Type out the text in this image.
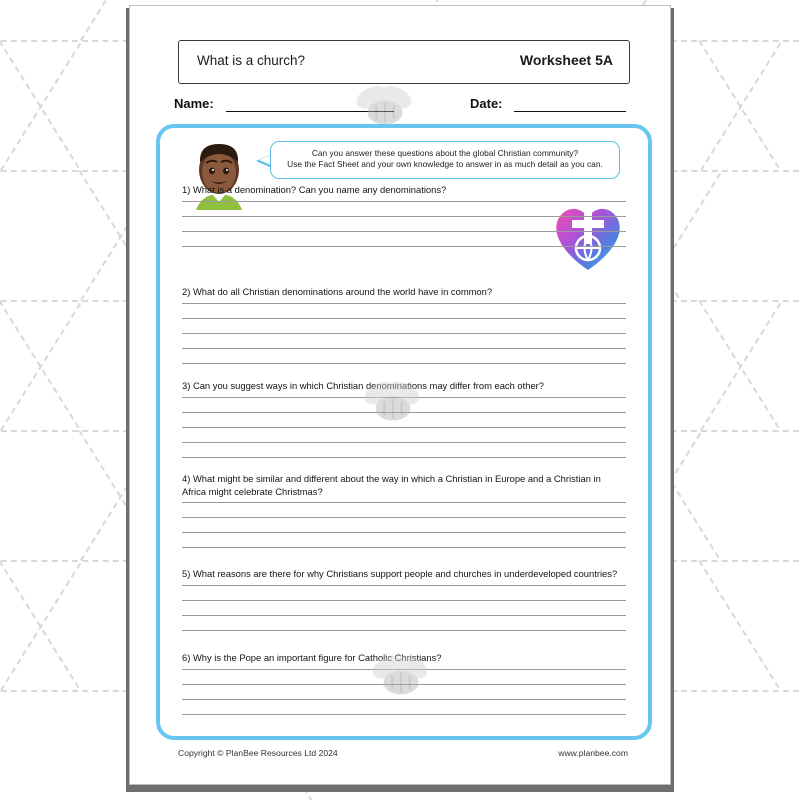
What is a church?	Worksheet 5A
Name:	Date:

Can you answer these questions about the global Christian community?

Use the Fact Sheet and your own knowledge to answer in as much detail as you can.

1) What is a denomination? Can you name any denominations?

2) What do all Christian denominations around the world have in common?

3) Can you suggest ways in which Christian denominations may differ from each other?

4) What might be similar and different about the way in which a Christian in Europe and a Christian in Africa might celebrate Christmas?

5) What reasons are there for why Christians support people and churches in underdeveloped countries?

6) Why is the Pope an important figure for Catholic Christians?

Copyright © PlanBee Resources Ltd 2024	www.planbee.com
